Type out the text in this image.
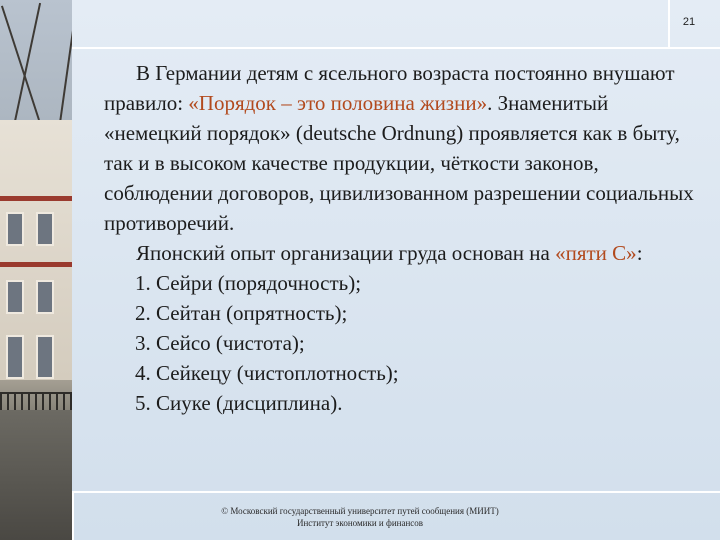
21

В Германии детям с ясельного возраста постоянно внушают правило: «Порядок – это половина жизни». Знаменитый «немецкий порядок» (deutsche Ordnung) проявляется как в быту, так и в высоком качестве продукции, чёткости законов, соблюдении договоров, цивилизованном разрешении социальных противоречий.

Японский опыт организации груда основан на «пяти С»:

1. Сейри (порядочность);

2. Сейтан (опрятность);

3. Сейсо (чистота);

4. Сейкецу (чистоплотность);

5. Сиуке (дисциплина).

© Московский государственный университет путей сообщения (МИИТ)
Институт экономики и финансов
